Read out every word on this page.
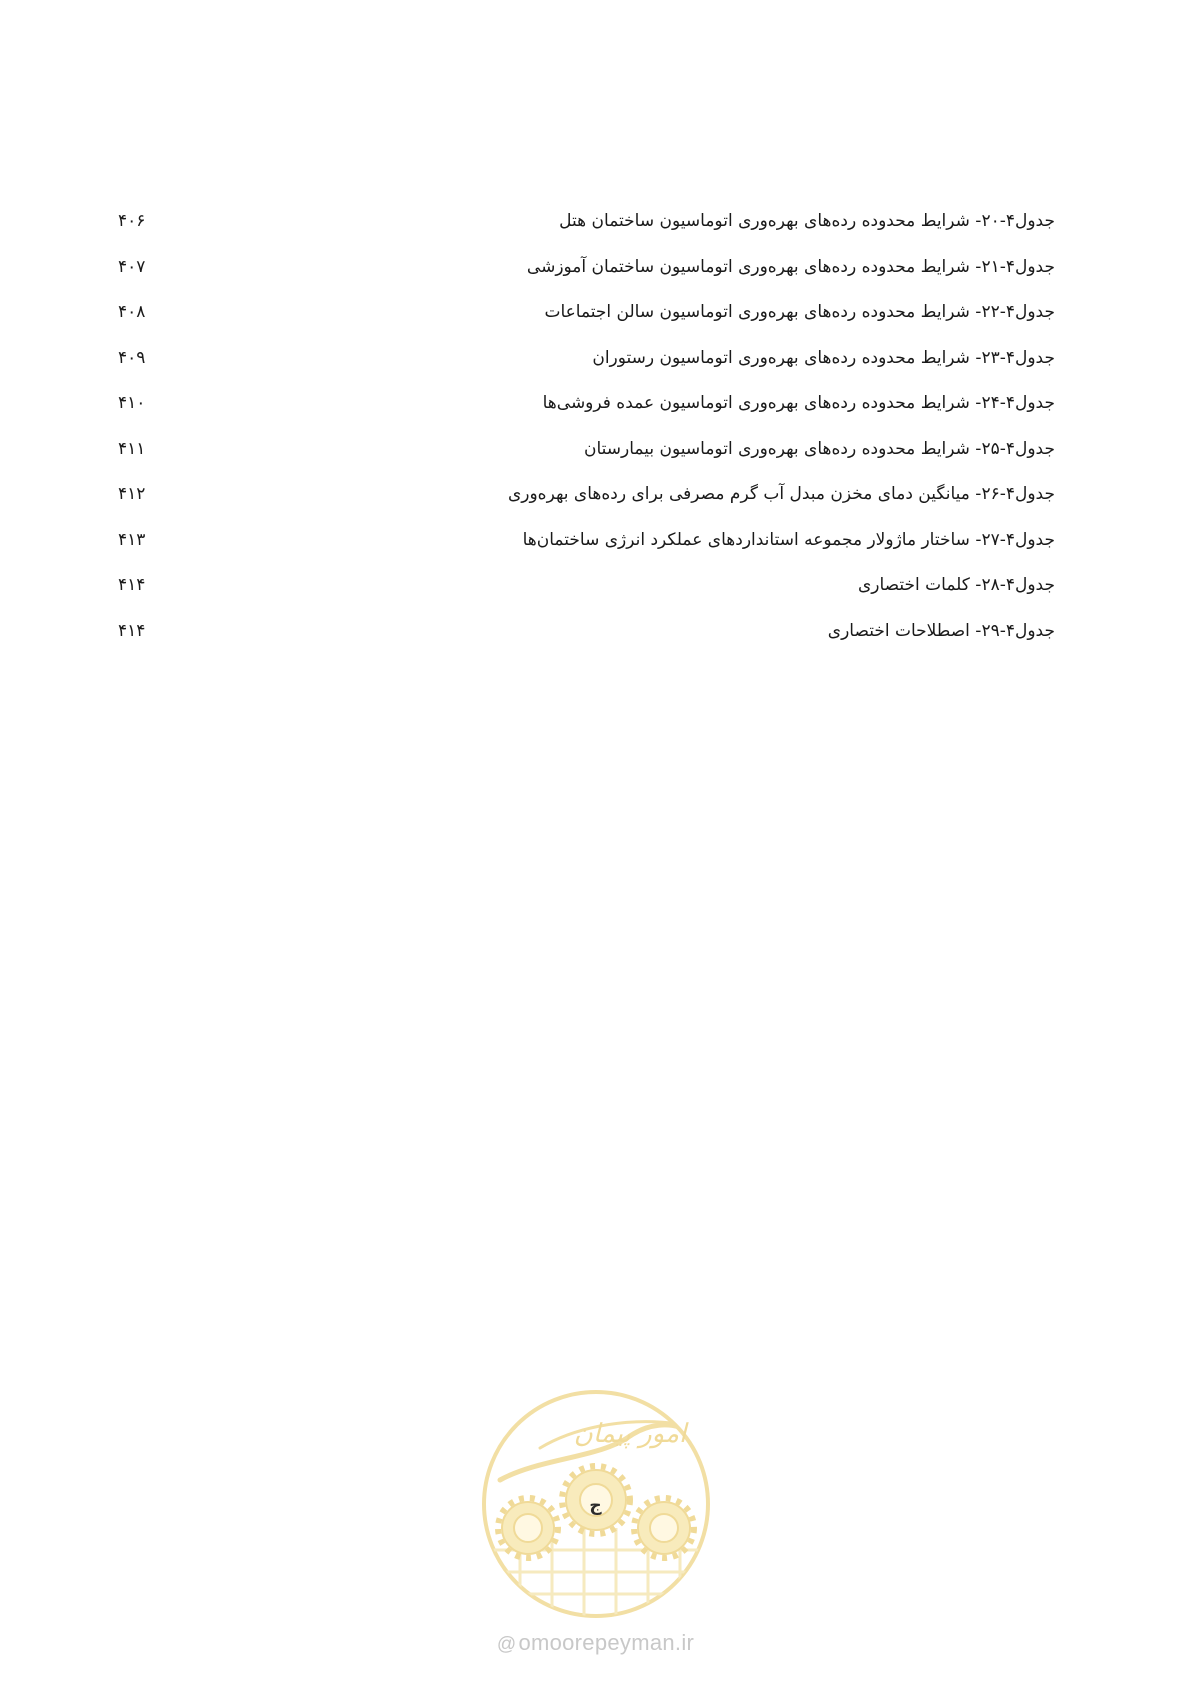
جدول۴-۲۰- شرایط محدوده رده‌های بهره‌وری اتوماسیون ساختمان هتل
۴۰۶
جدول۴-۲۱- شرایط محدوده رده‌های بهره‌وری اتوماسیون ساختمان آموزشی
۴۰۷
جدول۴-۲۲- شرایط محدوده رده‌های بهره‌وری اتوماسیون سالن اجتماعات
۴۰۸
جدول۴-۲۳- شرایط محدوده رده‌های بهره‌وری اتوماسیون رستوران
۴۰۹
جدول۴-۲۴- شرایط محدوده رده‌های بهره‌وری اتوماسیون عمده فروشی‌ها
۴۱۰
جدول۴-۲۵- شرایط محدوده رده‌های بهره‌وری اتوماسیون بیمارستان
۴۱۱
جدول۴-۲۶- میانگین دمای مخزن مبدل آب گرم مصرفی برای رده‌های بهره‌وری
۴۱۲
جدول۴-۲۷- ساختار ماژولار مجموعه استانداردهای عملکرد انرژی ساختمان‌ها
۴۱۳
جدول۴-۲۸- کلمات اختصاری
۴۱۴
جدول۴-۲۹- اصطلاحات اختصاری
۴۱۴
امور پیمان
ج
@omoorepeyman.ir
